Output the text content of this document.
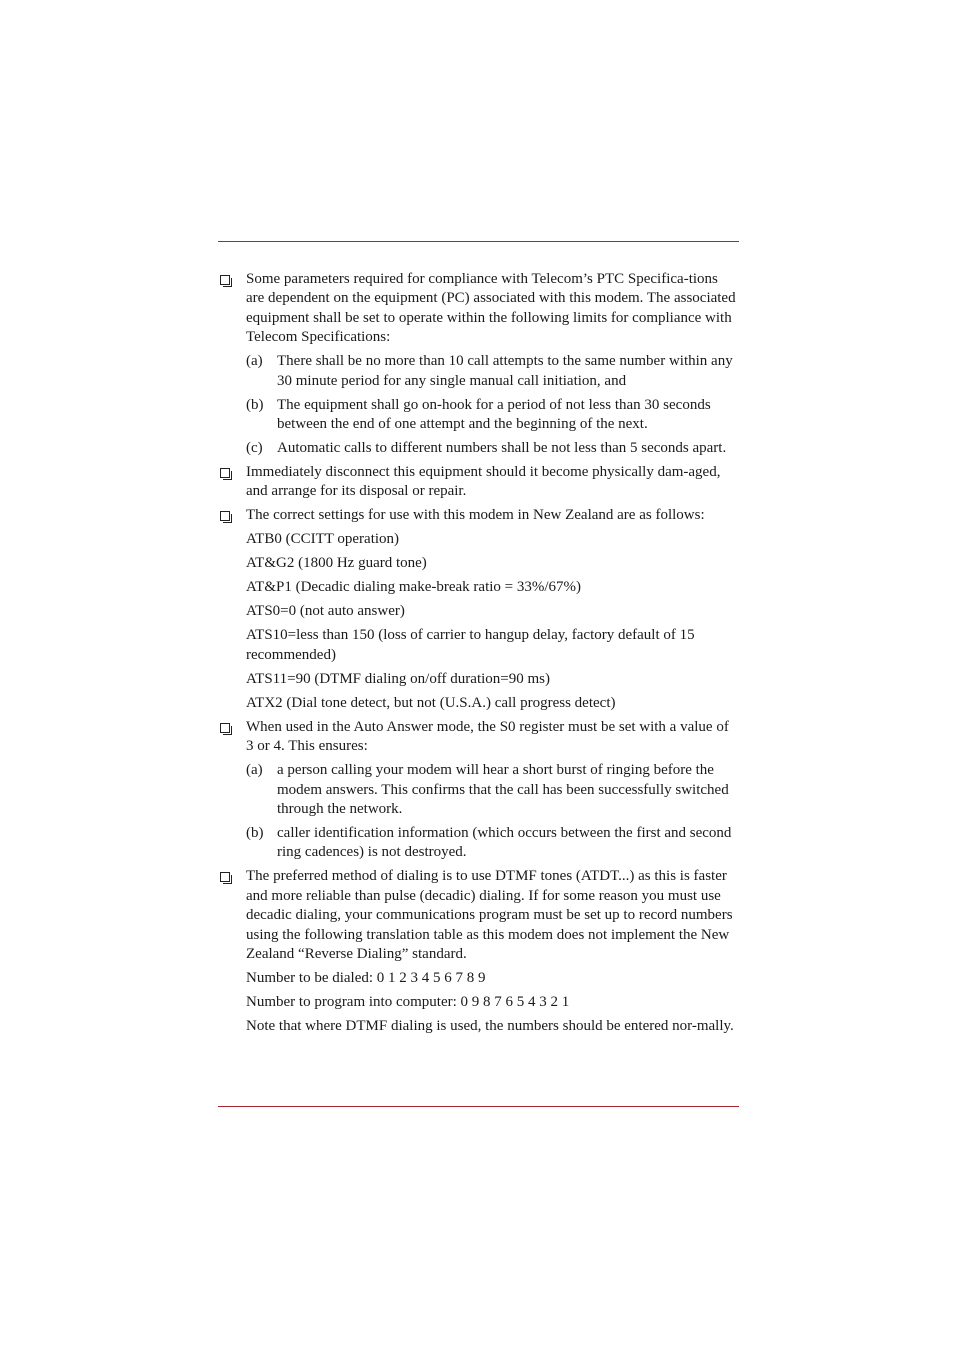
Some parameters required for compliance with Telecom’s PTC Specifica-tions are dependent on the equipment (PC) associated with this modem. The associated equipment shall be set to operate within the following limits for compliance with Telecom Specifications:

(a) There shall be no more than 10 call attempts to the same number within any 30 minute period for any single manual call initiation, and

(b) The equipment shall go on-hook for a period of not less than 30 seconds between the end of one attempt and the beginning of the next.

(c) Automatic calls to different numbers shall be not less than 5 seconds apart.

Immediately disconnect this equipment should it become physically dam-aged, and arrange for its disposal or repair.

The correct settings for use with this modem in New Zealand are as follows:

ATB0 (CCITT operation)

AT&G2 (1800 Hz guard tone)

AT&P1 (Decadic dialing make-break ratio = 33%/67%)

ATS0=0 (not auto answer)

ATS10=less than 150 (loss of carrier to hangup delay, factory default of 15 recommended)

ATS11=90 (DTMF dialing on/off duration=90 ms)

ATX2 (Dial tone detect, but not (U.S.A.) call progress detect)

When used in the Auto Answer mode, the S0 register must be set with a value of 3 or 4. This ensures:

(a) a person calling your modem will hear a short burst of ringing before the modem answers. This confirms that the call has been successfully switched through the network.

(b) caller identification information (which occurs between the first and second ring cadences) is not destroyed.

The preferred method of dialing is to use DTMF tones (ATDT...) as this is faster and more reliable than pulse (decadic) dialing. If for some reason you must use decadic dialing, your communications program must be set up to record numbers using the following translation table as this modem does not implement the New Zealand “Reverse Dialing” standard.

Number to be dialed: 0 1 2 3 4 5 6 7 8 9

Number to program into computer: 0 9 8 7 6 5 4 3 2 1

Note that where DTMF dialing is used, the numbers should be entered nor-mally.
